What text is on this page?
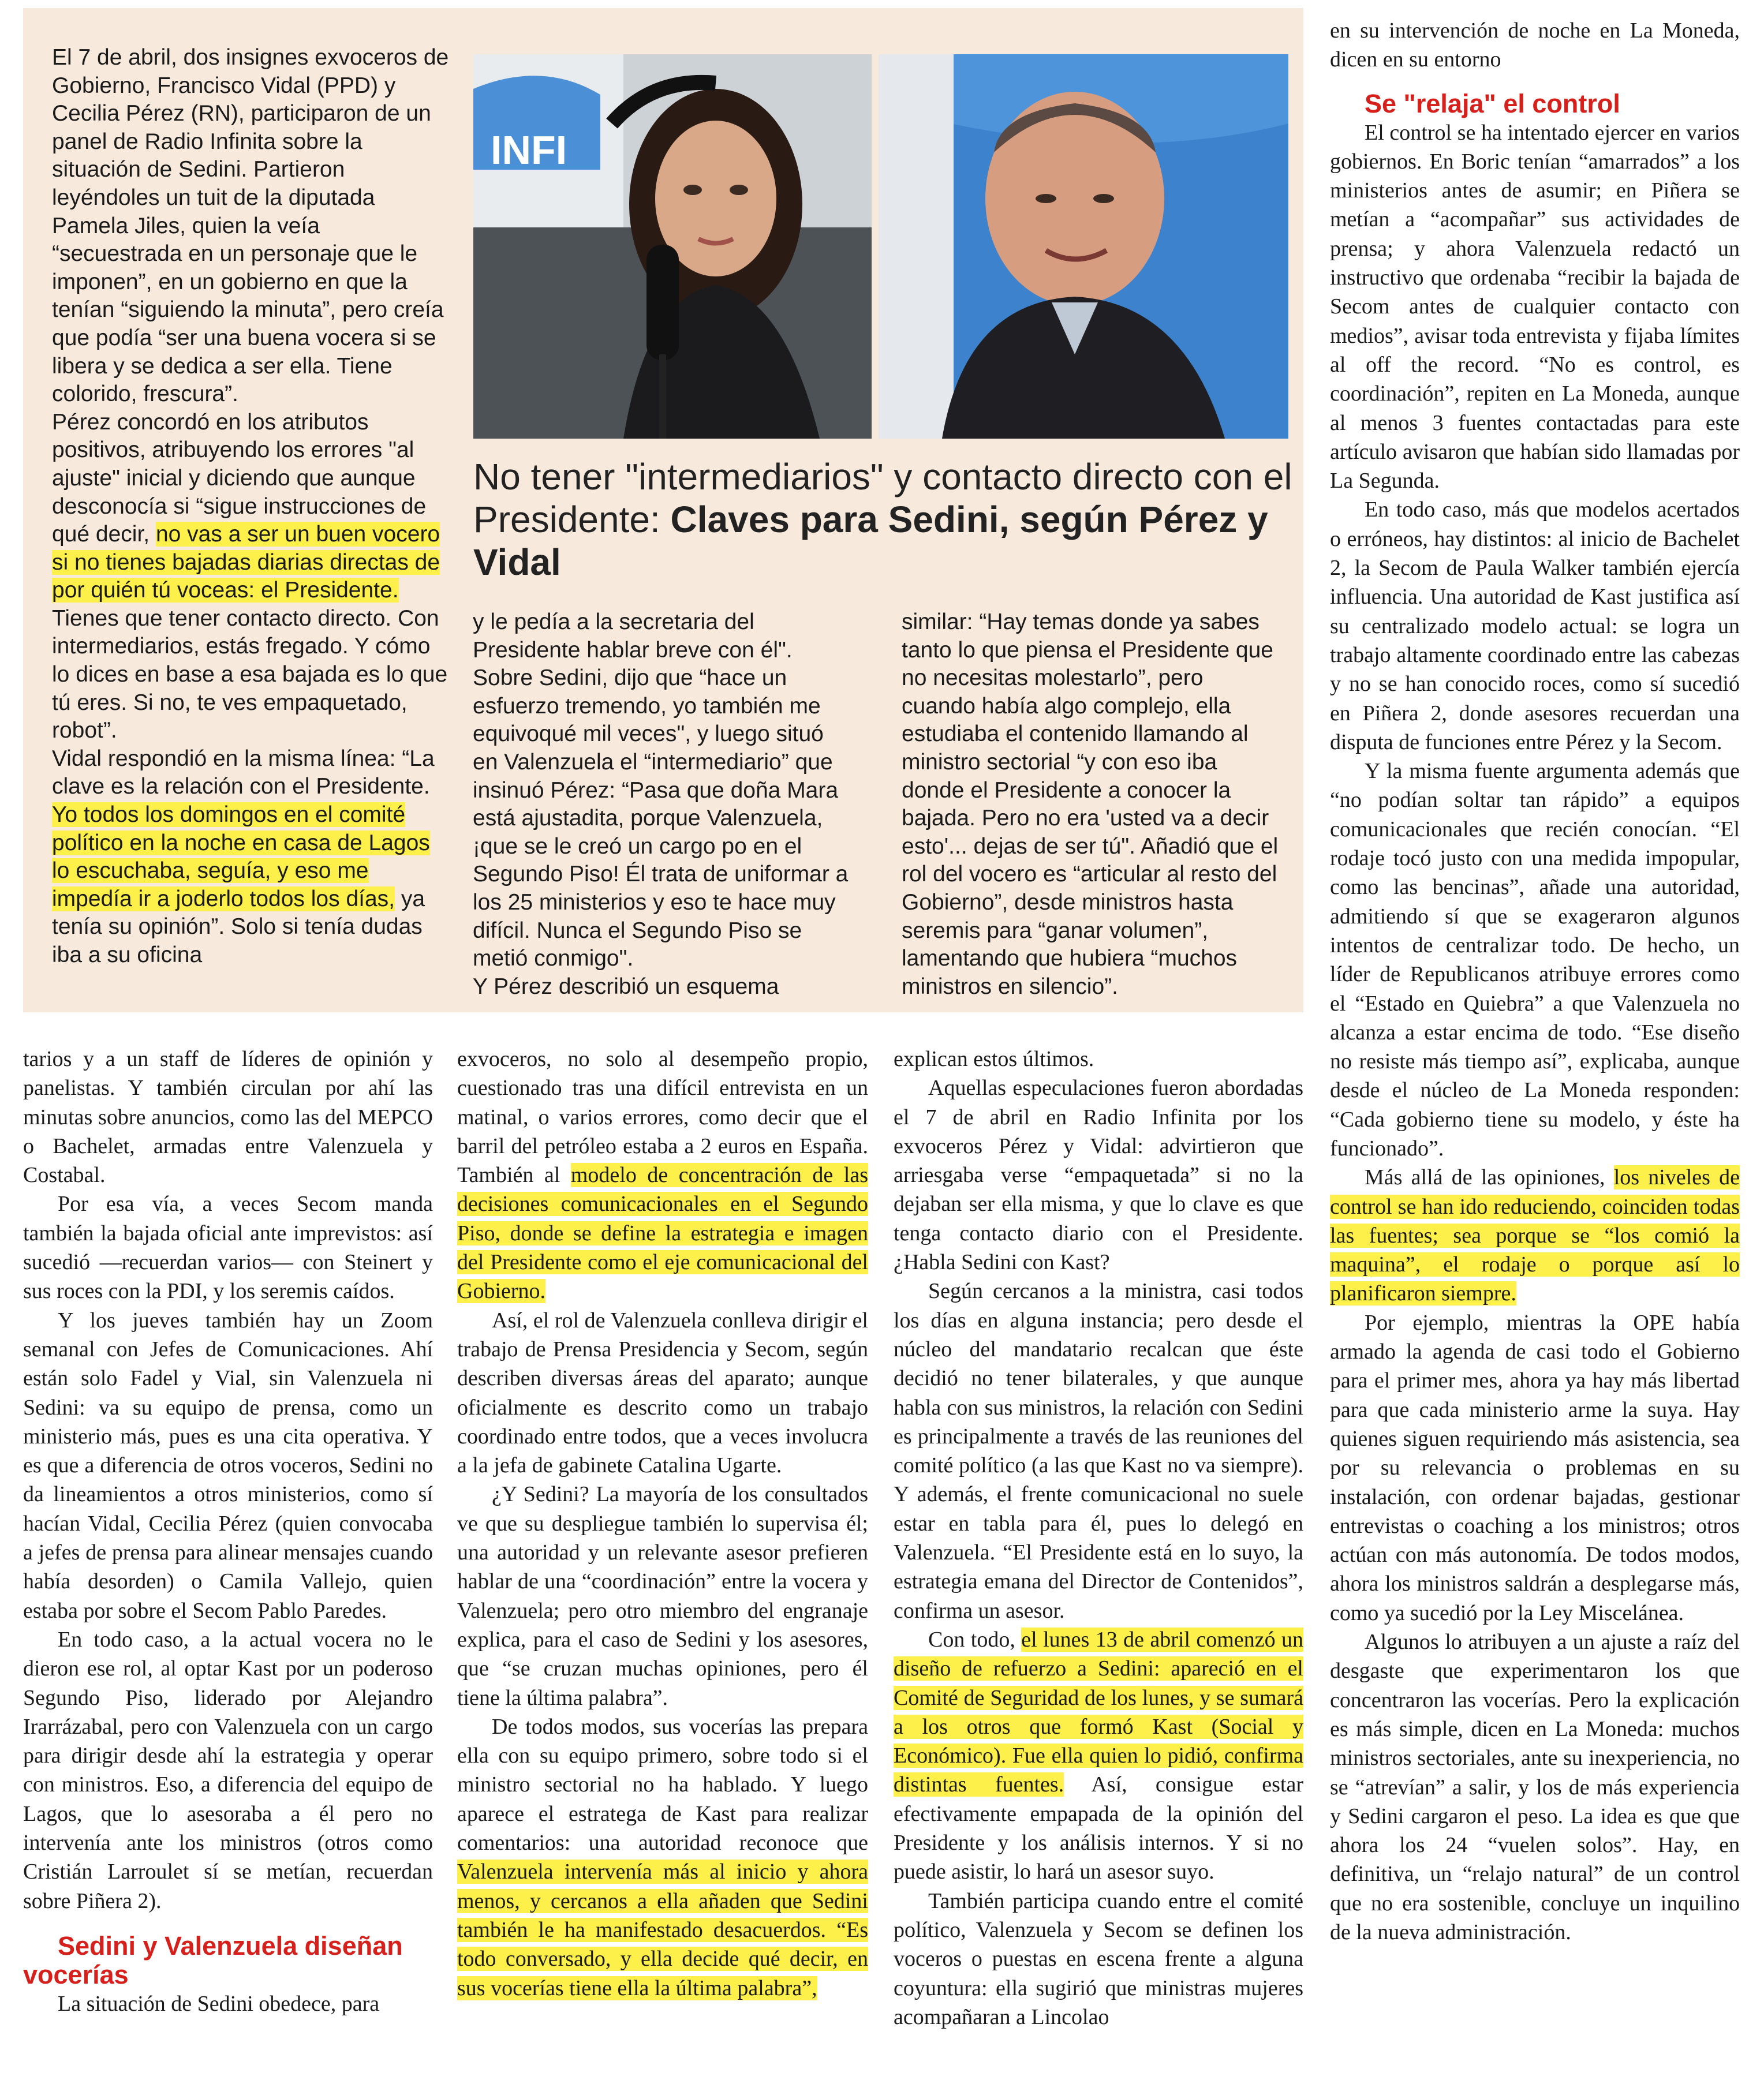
El 7 de abril, dos insignes exvoceros de Gobierno, Francisco Vidal (PPD) y Cecilia Pérez (RN), participaron de un panel de Radio Infinita sobre la situación de Sedini. Partieron leyéndoles un tuit de la diputada Pamela Jiles, quien la veía “secuestrada en un personaje que le imponen”, en un gobierno en que la tenían “siguiendo la minuta”, pero creía que podía “ser una buena vocera si se libera y se dedica a ser ella. Tiene colorido, frescura”.

Pérez concordó en los atributos positivos, atribuyendo los errores "al ajuste" inicial y diciendo que aunque desconocía si “sigue instrucciones de qué decir, no vas a ser un buen vocero si no tienes bajadas diarias directas de por quién tú voceas: el Presidente. Tienes que tener contacto directo. Con intermediarios, estás fregado. Y cómo lo dices en base a esa bajada es lo que tú eres. Si no, te ves empaquetado, robot”.

Vidal respondió en la misma línea: “La clave es la relación con el Presidente. Yo todos los domingos en el comité político en la noche en casa de Lagos lo escuchaba, seguía, y eso me impedía ir a joderlo todos los días, ya tenía su opinión”. Solo si tenía dudas iba a su oficina

INFI
No tener "intermediarios" y contacto directo con el Presidente: Claves para Sedini, según Pérez y Vidal

y le pedía a la secretaria del Presidente hablar breve con él". Sobre Sedini, dijo que “hace un esfuerzo tremendo, yo también me equivoqué mil veces", y luego situó en Valenzuela el “intermediario” que insinuó Pérez: “Pasa que doña Mara está ajustadita, porque Valenzuela, ¡que se le creó un cargo po en el Segundo Piso! Él trata de uniformar a los 25 ministerios y eso te hace muy difícil. Nunca el Segundo Piso se metió conmigo".

Y Pérez describió un esquema

similar: “Hay temas donde ya sabes tanto lo que piensa el Presidente que no necesitas molestarlo”, pero cuando había algo complejo, ella estudiaba el contenido llamando al ministro sectorial “y con eso iba donde el Presidente a conocer la bajada. Pero no era 'usted va a decir esto'... dejas de ser tú". Añadió que el rol del vocero es “articular al resto del Gobierno”, desde ministros hasta seremis para “ganar volumen”, lamentando que hubiera “muchos ministros en silencio”.

tarios y a un staff de líderes de opinión y panelistas. Y también circulan por ahí las minutas sobre anuncios, como las del MEPCO o Bachelet, armadas entre Valenzuela y Costabal.

Por esa vía, a veces Secom manda también la bajada oficial ante imprevistos: así sucedió —recuerdan varios— con Steinert y sus roces con la PDI, y los seremis caídos.

Y los jueves también hay un Zoom semanal con Jefes de Comunicaciones. Ahí están solo Fadel y Vial, sin Valenzuela ni Sedini: va su equipo de prensa, como un ministerio más, pues es una cita operativa. Y es que a diferencia de otros voceros, Sedini no da lineamientos a otros ministerios, como sí hacían Vidal, Cecilia Pérez (quien convocaba a jefes de prensa para alinear mensajes cuando había desorden) o Camila Vallejo, quien estaba por sobre el Secom Pablo Paredes.

En todo caso, a la actual vocera no le dieron ese rol, al optar Kast por un poderoso Segundo Piso, liderado por Alejandro Irarrázabal, pero con Valenzuela con un cargo para dirigir desde ahí la estrategia y operar con ministros. Eso, a diferencia del equipo de Lagos, que lo asesoraba a él pero no intervenía ante los ministros (otros como Cristián Larroulet sí se metían, recuerdan sobre Piñera 2).

Sedini y Valenzuela diseñan vocerías

La situación de Sedini obedece, para

exvoceros, no solo al desempeño propio, cuestionado tras una difícil entrevista en un matinal, o varios errores, como decir que el barril del petróleo estaba a 2 euros en España. También al modelo de concentración de las decisiones comunicacionales en el Segundo Piso, donde se define la estrategia e imagen del Presidente como el eje comunicacional del Gobierno.

Así, el rol de Valenzuela conlleva dirigir el trabajo de Prensa Presidencia y Secom, según describen diversas áreas del aparato; aunque oficialmente es descrito como un trabajo coordinado entre todos, que a veces involucra a la jefa de gabinete Catalina Ugarte.

¿Y Sedini? La mayoría de los consultados ve que su despliegue también lo supervisa él; una autoridad y un relevante asesor prefieren hablar de una “coordinación” entre la vocera y Valenzuela; pero otro miembro del engranaje explica, para el caso de Sedini y los asesores, que “se cruzan muchas opiniones, pero él tiene la última palabra”.

De todos modos, sus vocerías las prepara ella con su equipo primero, sobre todo si el ministro sectorial no ha hablado. Y luego aparece el estratega de Kast para realizar comentarios: una autoridad reconoce que Valenzuela intervenía más al inicio y ahora menos, y cercanos a ella añaden que Sedini también le ha manifestado desacuerdos. “Es todo conversado, y ella decide qué decir, en sus vocerías tiene ella la última palabra”,

explican estos últimos.

Aquellas especulaciones fueron abordadas el 7 de abril en Radio Infinita por los exvoceros Pérez y Vidal: advirtieron que arriesgaba verse “empaquetada” si no la dejaban ser ella misma, y que lo clave es que tenga contacto diario con el Presidente. ¿Habla Sedini con Kast?

Según cercanos a la ministra, casi todos los días en alguna instancia; pero desde el núcleo del mandatario recalcan que éste decidió no tener bilaterales, y que aunque habla con sus ministros, la relación con Sedini es principalmente a través de las reuniones del comité político (a las que Kast no va siempre). Y además, el frente comunicacional no suele estar en tabla para él, pues lo delegó en Valenzuela. “El Presidente está en lo suyo, la estrategia emana del Director de Contenidos”, confirma un asesor.

Con todo, el lunes 13 de abril comenzó un diseño de refuerzo a Sedini: apareció en el Comité de Seguridad de los lunes, y se sumará a los otros que formó Kast (Social y Económico). Fue ella quien lo pidió, confirma distintas fuentes. Así, consigue estar efectivamente empapada de la opinión del Presidente y los análisis internos. Y si no puede asistir, lo hará un asesor suyo.

También participa cuando entre el comité político, Valenzuela y Secom se definen los voceros o puestas en escena frente a alguna coyuntura: ella sugirió que ministras mujeres acompañaran a Lincolao

en su intervención de noche en La Moneda, dicen en su entorno

Se "relaja" el control

El control se ha intentado ejercer en varios gobiernos. En Boric tenían “amarrados” a los ministerios antes de asumir; en Piñera se metían a “acompañar” sus actividades de prensa; y ahora Valenzuela redactó un instructivo que ordenaba “recibir la bajada de Secom antes de cualquier contacto con medios”, avisar toda entrevista y fijaba límites al off the record. “No es control, es coordinación”, repiten en La Moneda, aunque al menos 3 fuentes contactadas para este artículo avisaron que habían sido llamadas por La Segunda.

En todo caso, más que modelos acertados o erróneos, hay distintos: al inicio de Bachelet 2, la Secom de Paula Walker también ejercía influencia. Una autoridad de Kast justifica así su centralizado modelo actual: se logra un trabajo altamente coordinado entre las cabezas y no se han conocido roces, como sí sucedió en Piñera 2, donde asesores recuerdan una disputa de funciones entre Pérez y la Secom.

Y la misma fuente argumenta además que “no podían soltar tan rápido” a equipos comunicacionales que recién conocían. “El rodaje tocó justo con una medida impopular, como las bencinas”, añade una autoridad, admitiendo sí que se exageraron algunos intentos de centralizar todo. De hecho, un líder de Republicanos atribuye errores como el “Estado en Quiebra” a que Valenzuela no alcanza a estar encima de todo. “Ese diseño no resiste más tiempo así”, explicaba, aunque desde el núcleo de La Moneda responden: “Cada gobierno tiene su modelo, y éste ha funcionado”.

Más allá de las opiniones, los niveles de control se han ido reduciendo, coinciden todas las fuentes; sea porque se “los comió la maquina”, el rodaje o porque así lo planificaron siempre.

Por ejemplo, mientras la OPE había armado la agenda de casi todo el Gobierno para el primer mes, ahora ya hay más libertad para que cada ministerio arme la suya. Hay quienes siguen requiriendo más asistencia, sea por su relevancia o problemas en su instalación, con ordenar bajadas, gestionar entrevistas o coaching a los ministros; otros actúan con más autonomía. De todos modos, ahora los ministros saldrán a desplegarse más, como ya sucedió por la Ley Miscelánea.

Algunos lo atribuyen a un ajuste a raíz del desgaste que experimentaron los que concentraron las vocerías. Pero la explicación es más simple, dicen en La Moneda: muchos ministros sectoriales, ante su inexperiencia, no se “atrevían” a salir, y los de más experiencia y Sedini cargaron el peso. La idea es que que ahora los 24 “vuelen solos”. Hay, en definitiva, un “relajo natural” de un control que no era sostenible, concluye un inquilino de la nueva administración.
